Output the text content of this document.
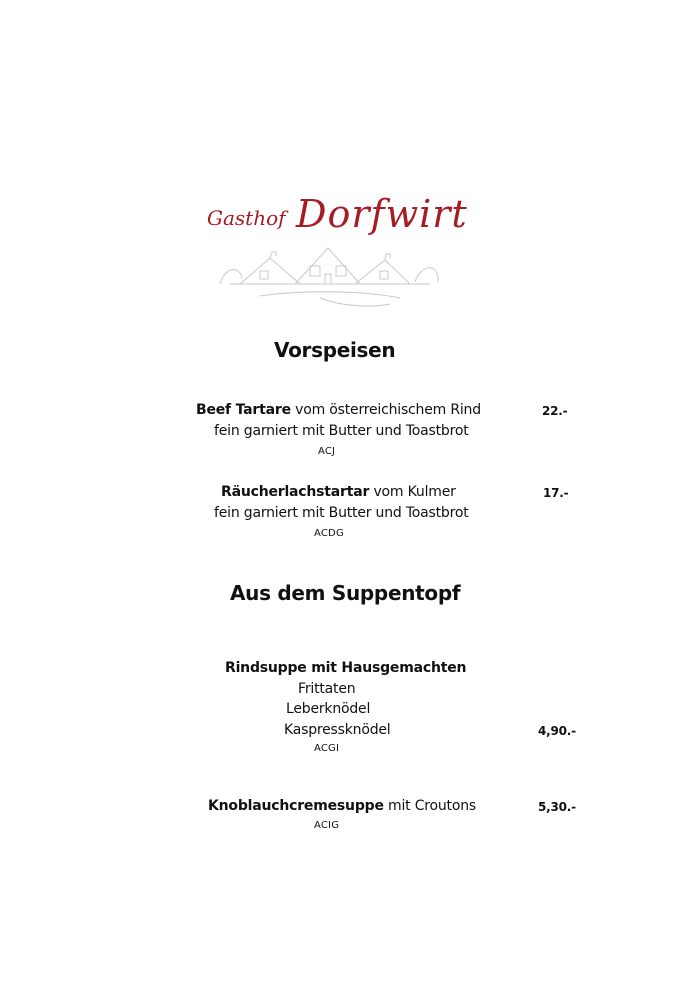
Gasthof Dorfwirt
Vorspeisen
Beef Tartare vom österreichischem Rind
fein garniert mit Butter und Toastbrot
ACJ
22.-
Räucherlachstartar vom Kulmer
fein garniert mit Butter und Toastbrot
ACDG
17.-
Aus dem Suppentopf
Rindsuppe mit Hausgemachten
Frittaten
Leberknödel
Kaspressknödel
ACGI
4,90.-
Knoblauchcremesuppe mit Croutons
ACIG
5,30.-
